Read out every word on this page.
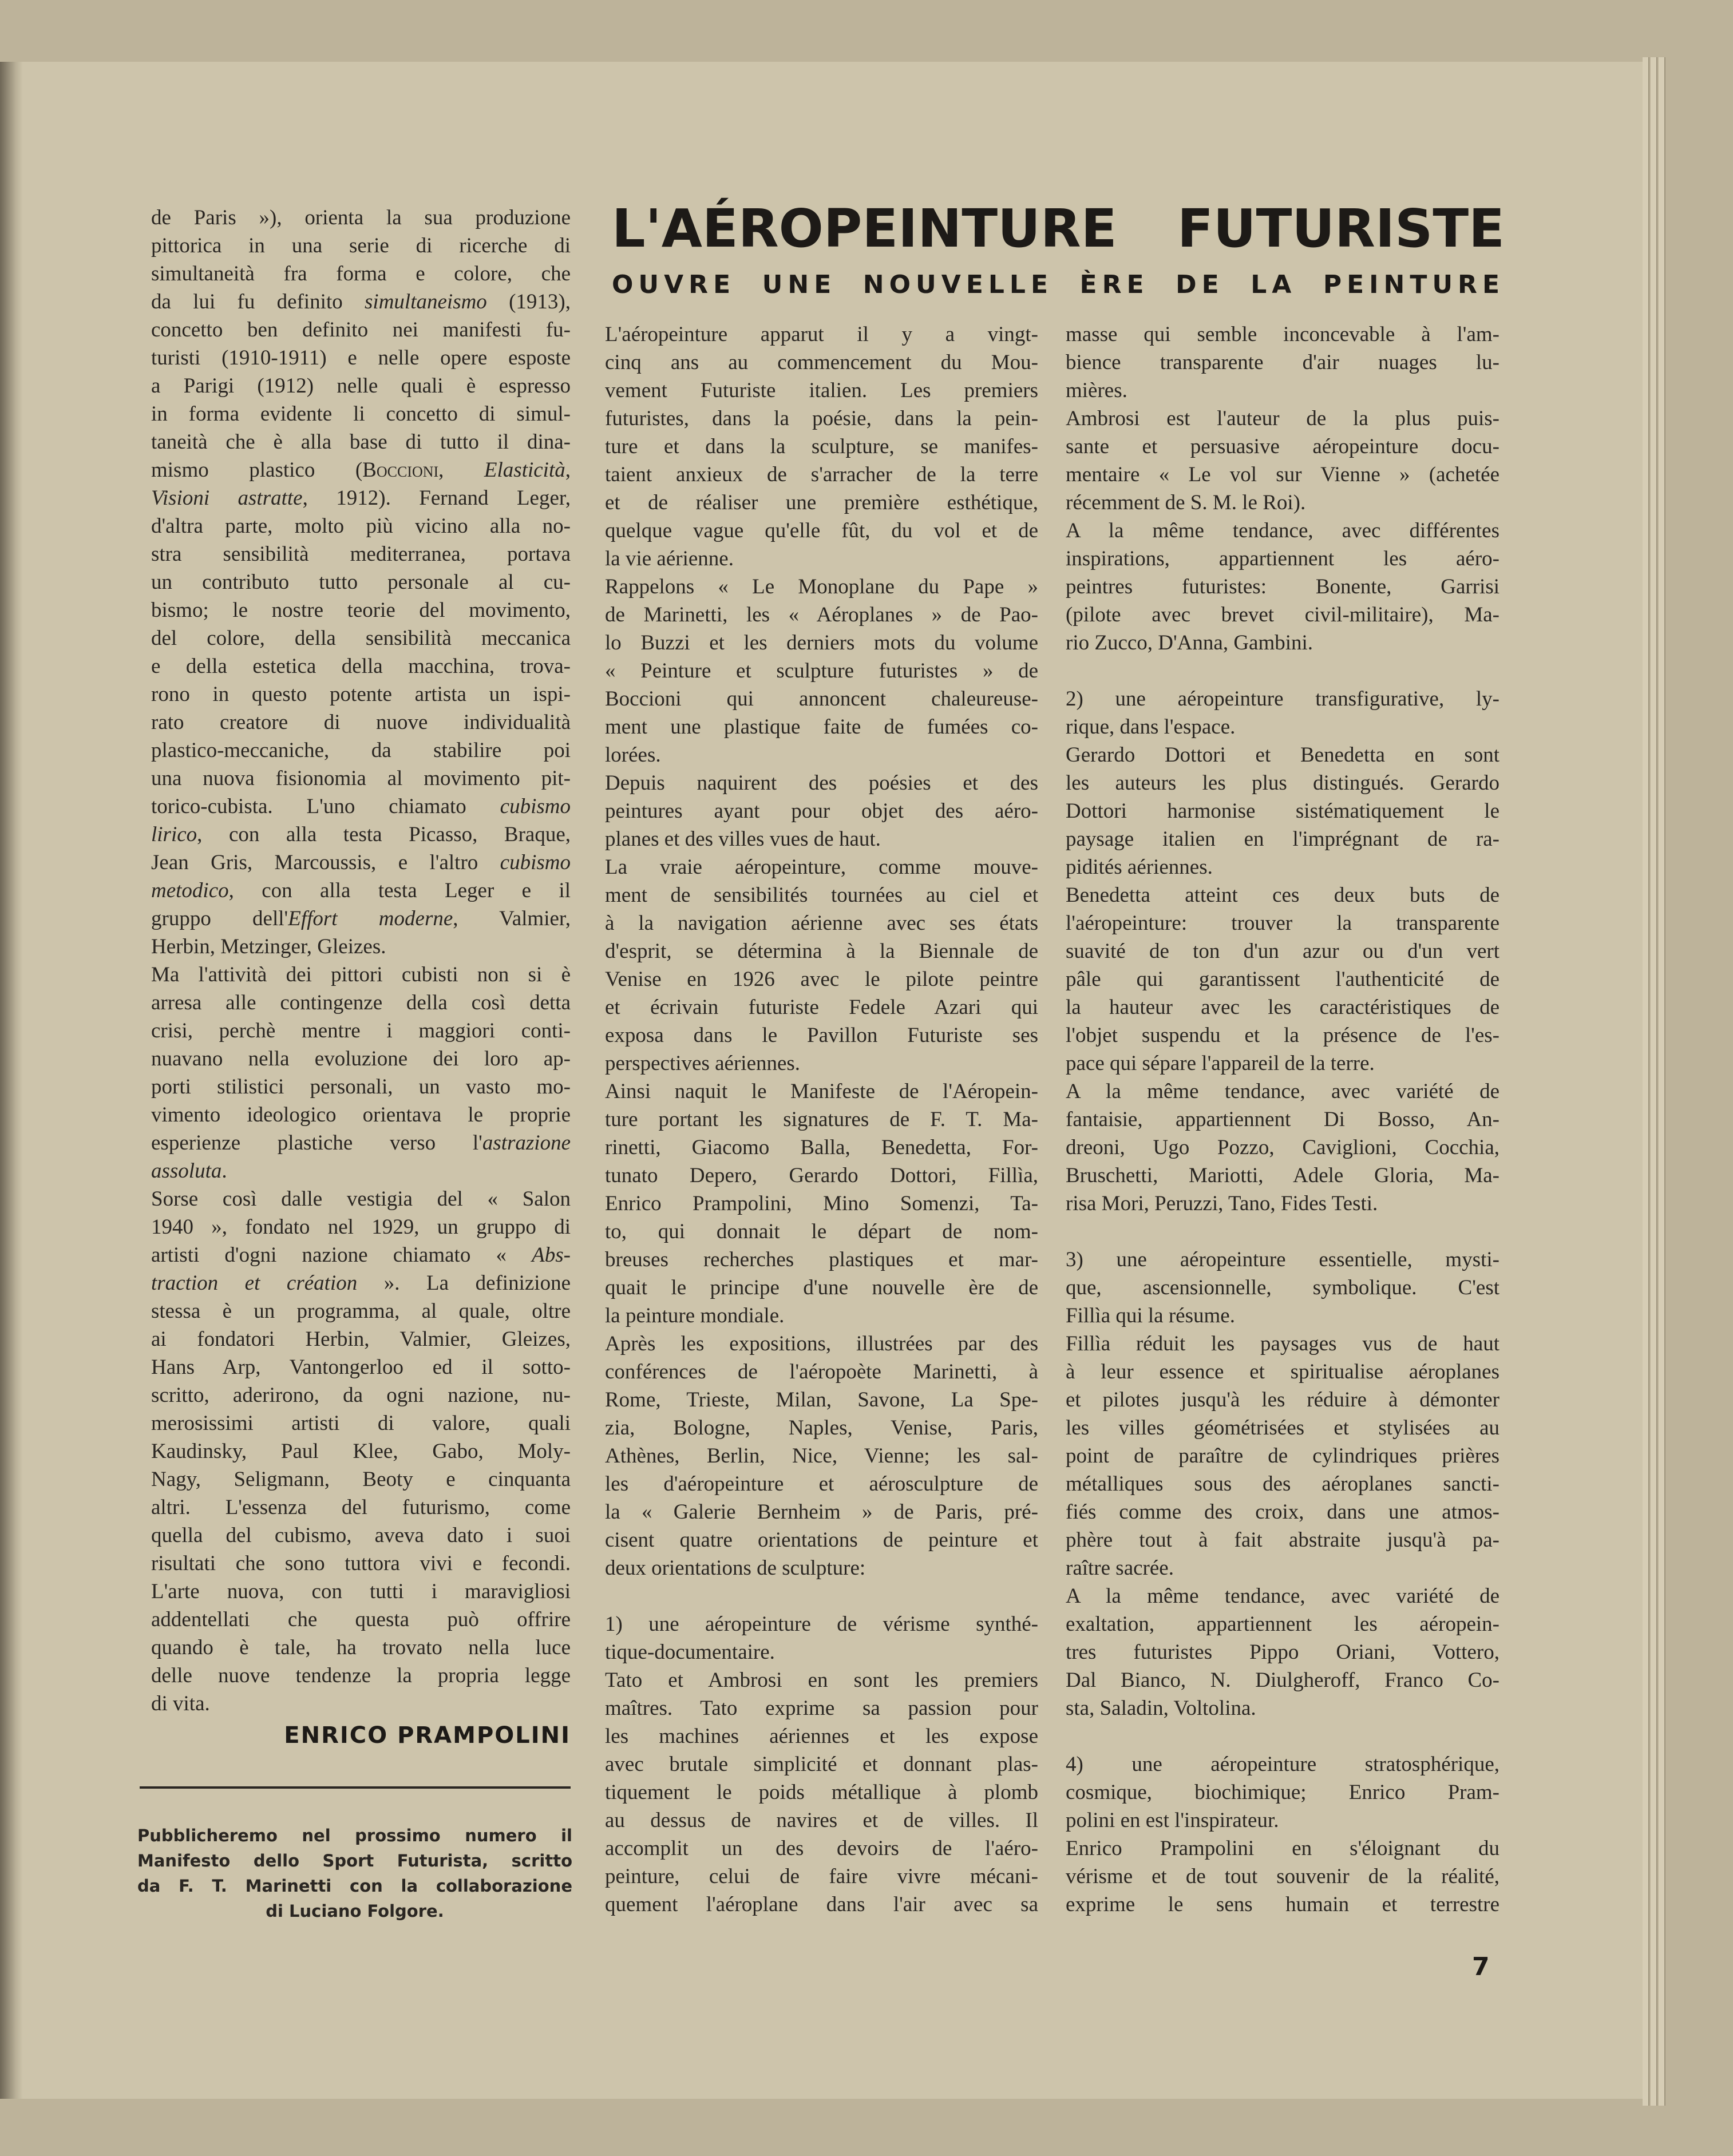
de Paris »), orienta la sua produzione
pittorica in una serie di ricerche di
simultaneità fra forma e colore, che
da lui fu definito simultaneismo (1913),
concetto ben definito nei manifesti fu-
turisti (1910-1911) e nelle opere esposte
a Parigi (1912) nelle quali è espresso
in forma evidente li concetto di simul-
taneità che è alla base di tutto il dina-
mismo plastico (Boccioni, Elasticità,
Visioni astratte, 1912). Fernand Leger,
d'altra parte, molto più vicino alla no-
stra sensibilità mediterranea, portava
un contributo tutto personale al cu-
bismo; le nostre teorie del movimento,
del colore, della sensibilità meccanica
e della estetica della macchina, trova-
rono in questo potente artista un ispi-
rato creatore di nuove individualità
plastico-meccaniche, da stabilire poi
una nuova fisionomia al movimento pit-
torico-cubista. L'uno chiamato cubismo
lirico, con alla testa Picasso, Braque,
Jean Gris, Marcoussis, e l'altro cubismo
metodico, con alla testa Leger e il
gruppo dell'Effort moderne, Valmier,
Herbin, Metzinger, Gleizes.
Ma l'attività dei pittori cubisti non si è
arresa alle contingenze della così detta
crisi, perchè mentre i maggiori conti-
nuavano nella evoluzione dei loro ap-
porti stilistici personali, un vasto mo-
vimento ideologico orientava le proprie
esperienze plastiche verso l'astrazione
assoluta.
Sorse così dalle vestigia del « Salon
1940 », fondato nel 1929, un gruppo di
artisti d'ogni nazione chiamato « Abs-
traction et création ». La definizione
stessa è un programma, al quale, oltre
ai fondatori Herbin, Valmier, Gleizes,
Hans Arp, Vantongerloo ed il sotto-
scritto, aderirono, da ogni nazione, nu-
merosissimi artisti di valore, quali
Kaudinsky, Paul Klee, Gabo, Moly-
Nagy, Seligmann, Beoty e cinquanta
altri. L'essenza del futurismo, come
quella del cubismo, aveva dato i suoi
risultati che sono tuttora vivi e fecondi.
L'arte nuova, con tutti i maravigliosi
addentellati che questa può offrire
quando è tale, ha trovato nella luce
delle nuove tendenze la propria legge
di vita.
L'AÉROPEINTURE FUTURISTE
OUVRE UNE NOUVELLE ÈRE DE LA PEINTURE
L'aéropeinture apparut il y a vingt-
cinq ans au commencement du Mou-
vement Futuriste italien. Les premiers
futuristes, dans la poésie, dans la pein-
ture et dans la sculpture, se manifes-
taient anxieux de s'arracher de la terre
et de réaliser une première esthétique,
quelque vague qu'elle fût, du vol et de
la vie aérienne.
Rappelons « Le Monoplane du Pape »
de Marinetti, les « Aéroplanes » de Pao-
lo Buzzi et les derniers mots du volume
« Peinture et sculpture futuristes » de
Boccioni qui annoncent chaleureuse-
ment une plastique faite de fumées co-
lorées.
Depuis naquirent des poésies et des
peintures ayant pour objet des aéro-
planes et des villes vues de haut.
La vraie aéropeinture, comme mouve-
ment de sensibilités tournées au ciel et
à la navigation aérienne avec ses états
d'esprit, se détermina à la Biennale de
Venise en 1926 avec le pilote peintre
et écrivain futuriste Fedele Azari qui
exposa dans le Pavillon Futuriste ses
perspectives aériennes.
Ainsi naquit le Manifeste de l'Aéropein-
ture portant les signatures de F. T. Ma-
rinetti, Giacomo Balla, Benedetta, For-
tunato Depero, Gerardo Dottori, Fillìa,
Enrico Prampolini, Mino Somenzi, Ta-
to, qui donnait le départ de nom-
breuses recherches plastiques et mar-
quait le principe d'une nouvelle ère de
la peinture mondiale.
Après les expositions, illustrées par des
conférences de l'aéropoète Marinetti, à
Rome, Trieste, Milan, Savone, La Spe-
zia, Bologne, Naples, Venise, Paris,
Athènes, Berlin, Nice, Vienne; les sal-
les d'aéropeinture et aérosculpture de
la « Galerie Bernheim » de Paris, pré-
cisent quatre orientations de peinture et
deux orientations de sculpture:

1) une aéropeinture de vérisme synthé-
tique-documentaire.
Tato et Ambrosi en sont les premiers
maîtres. Tato exprime sa passion pour
les machines aériennes et les expose
avec brutale simplicité et donnant plas-
tiquement le poids métallique à plomb
au dessus de navires et de villes. Il
accomplit un des devoirs de l'aéro-
peinture, celui de faire vivre mécani-
quement l'aéroplane dans l'air avec sa
masse qui semble inconcevable à l'am-
bience transparente d'air nuages lu-
mières.
Ambrosi est l'auteur de la plus puis-
sante et persuasive aéropeinture docu-
mentaire « Le vol sur Vienne » (achetée
récemment de S. M. le Roi).
A la même tendance, avec différentes
inspirations, appartiennent les aéro-
peintres futuristes: Bonente, Garrisi
(pilote avec brevet civil-militaire), Ma-
rio Zucco, D'Anna, Gambini.

2) une aéropeinture transfigurative, ly-
rique, dans l'espace.
Gerardo Dottori et Benedetta en sont
les auteurs les plus distingués. Gerardo
Dottori harmonise sistématiquement le
paysage italien en l'imprégnant de ra-
pidités aériennes.
Benedetta atteint ces deux buts de
l'aéropeinture: trouver la transparente
suavité de ton d'un azur ou d'un vert
pâle qui garantissent l'authenticité de
la hauteur avec les caractéristiques de
l'objet suspendu et la présence de l'es-
pace qui sépare l'appareil de la terre.
A la même tendance, avec variété de
fantaisie, appartiennent Di Bosso, An-
dreoni, Ugo Pozzo, Caviglioni, Cocchia,
Bruschetti, Mariotti, Adele Gloria, Ma-
risa Mori, Peruzzi, Tano, Fides Testi.

3) une aéropeinture essentielle, mysti-
que, ascensionnelle, symbolique. C'est
Fillìa qui la résume.
Fillìa réduit les paysages vus de haut
à leur essence et spiritualise aéroplanes
et pilotes jusqu'à les réduire à démonter
les villes géométrisées et stylisées au
point de paraître de cylindriques prières
métalliques sous des aéroplanes sancti-
fiés comme des croix, dans une atmos-
phère tout à fait abstraite jusqu'à pa-
raître sacrée.
A la même tendance, avec variété de
exaltation, appartiennent les aéropein-
tres futuristes Pippo Oriani, Vottero,
Dal Bianco, N. Diulgheroff, Franco Co-
sta, Saladin, Voltolina.

4) une aéropeinture stratosphérique,
cosmique, biochimique; Enrico Pram-
polini en est l'inspirateur.
Enrico Prampolini en s'éloignant du
vérisme et de tout souvenir de la réalité,
exprime le sens humain et terrestre
ENRICO PRAMPOLINI
Pubblicheremo nel prossimo numero il
Manifesto dello Sport Futurista, scritto
da F. T. Marinetti con la collaborazione
di Luciano Folgore.
7
